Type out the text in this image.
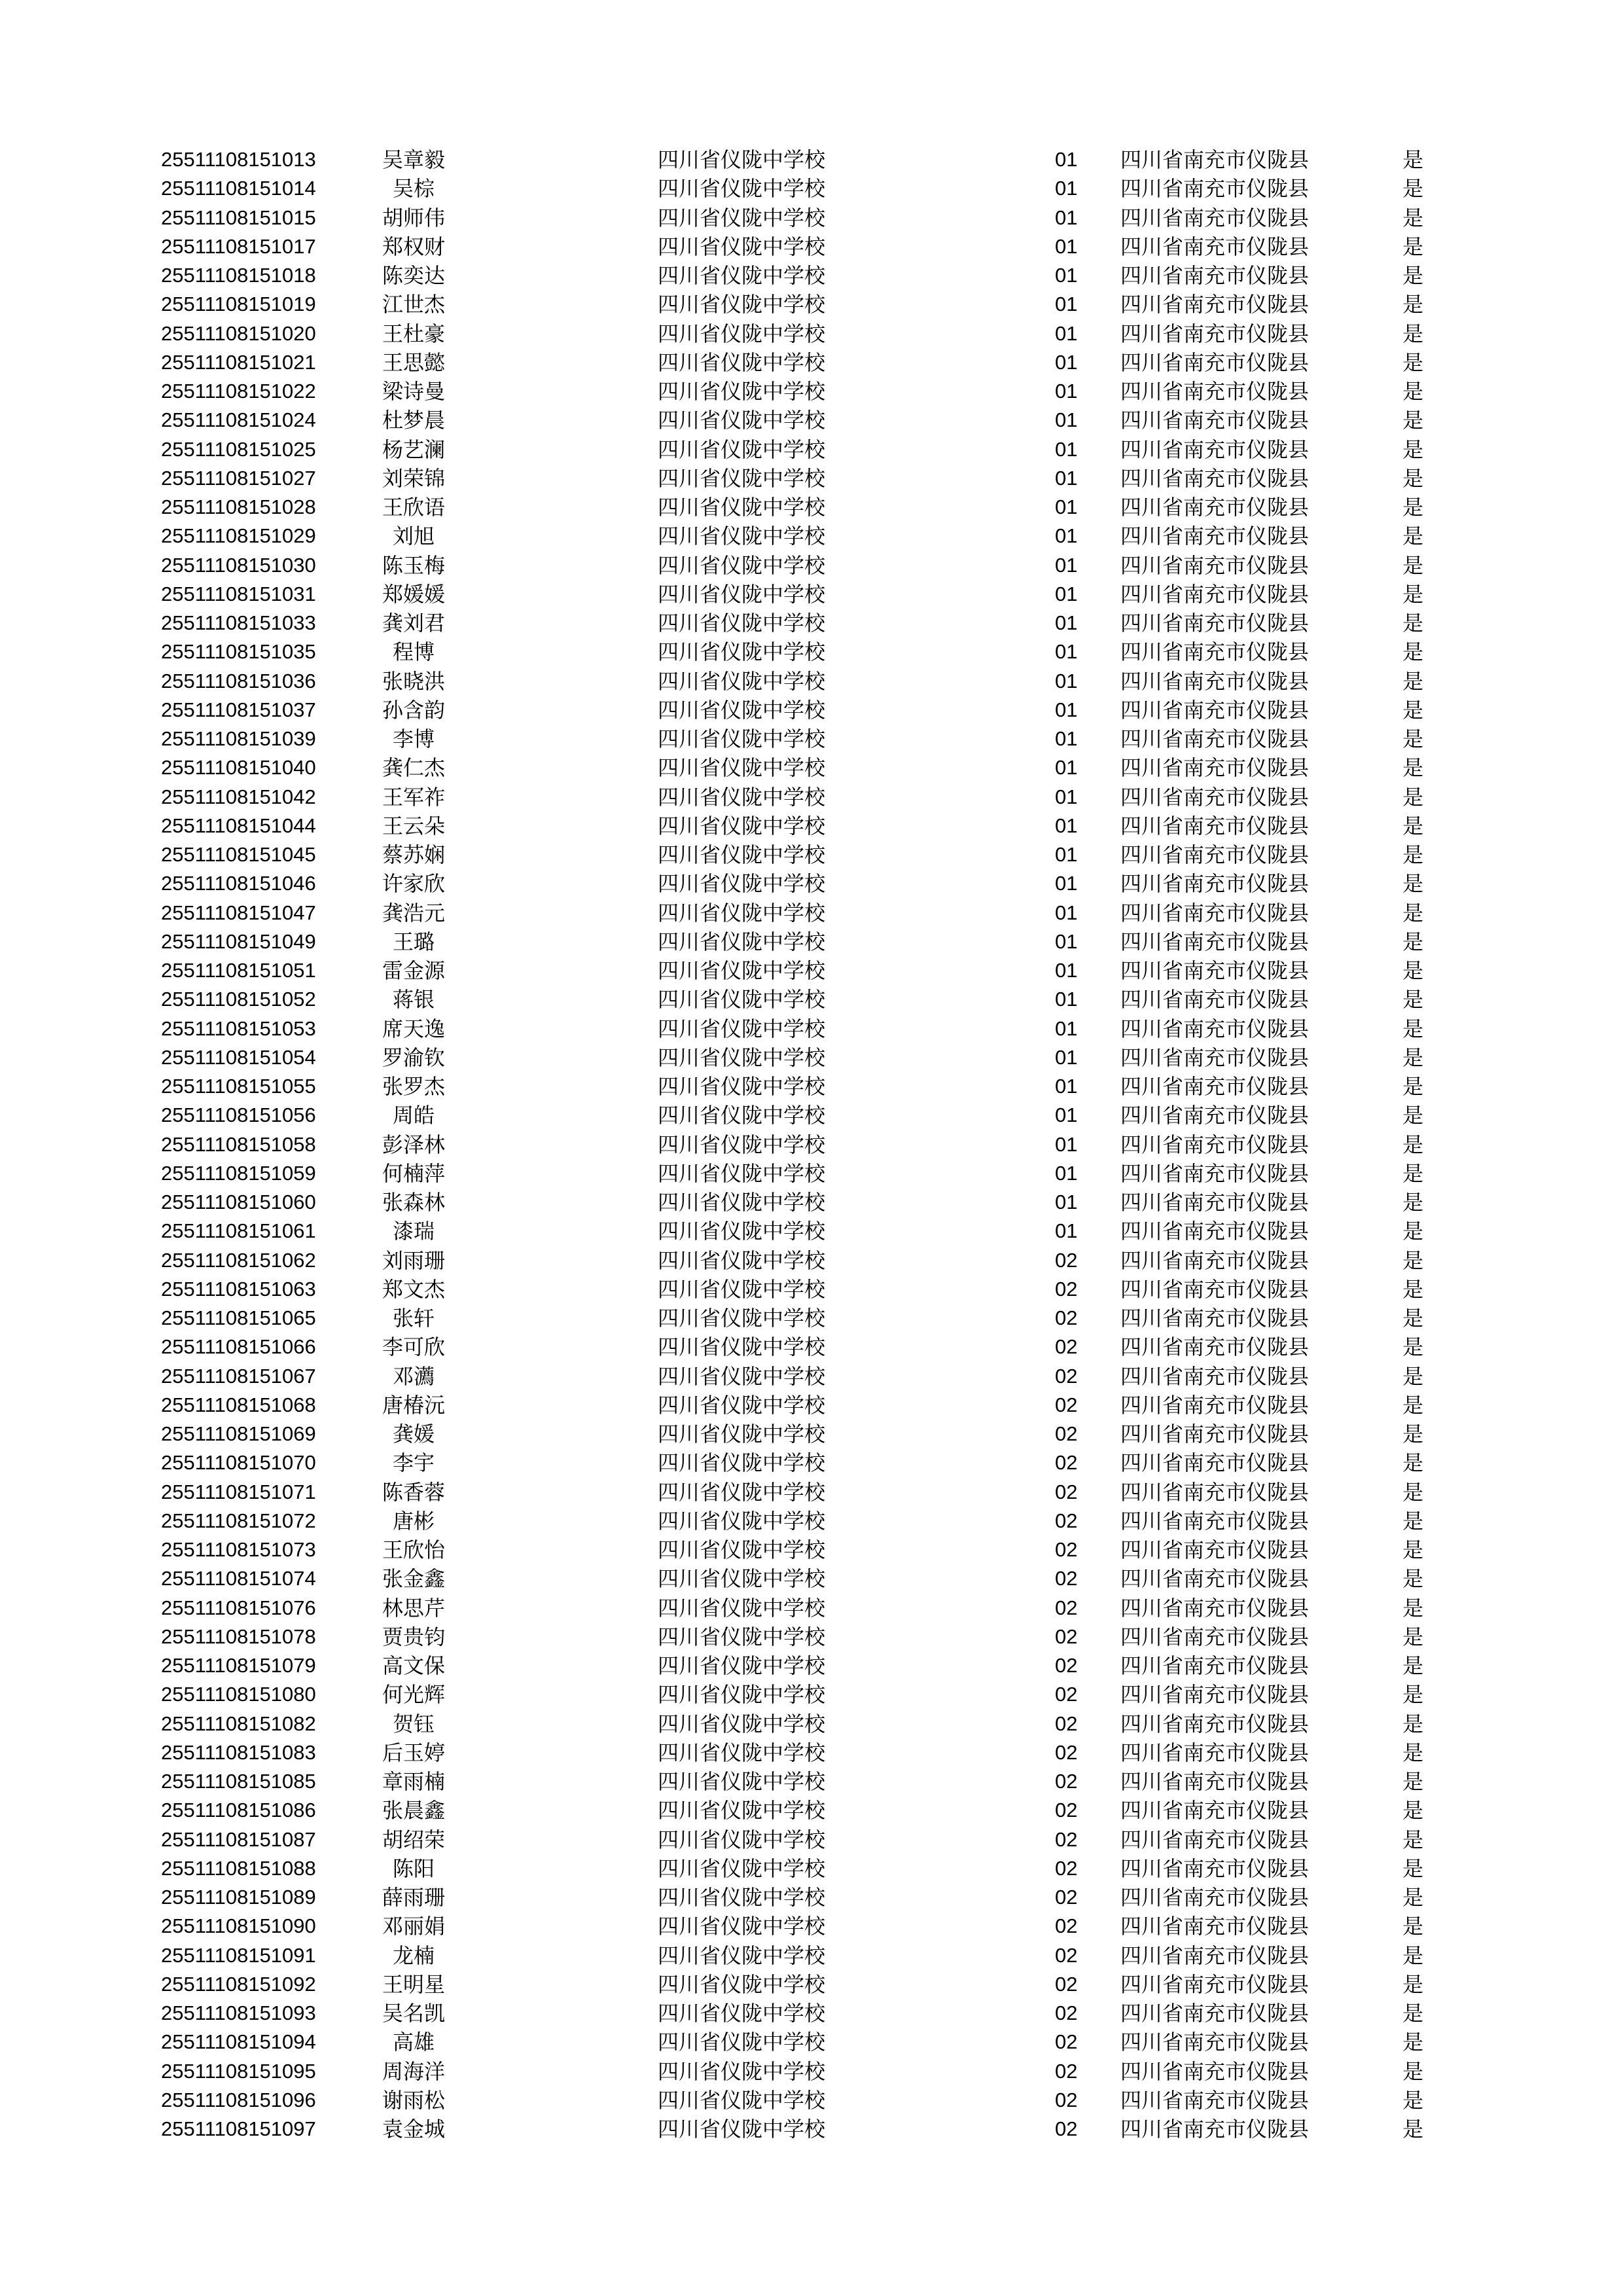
25511108151013	吴章毅	四川省仪陇中学校	01 四川省南充市仪陇县	是
25511108151014	吴棕	四川省仪陇中学校	01 四川省南充市仪陇县	是
25511108151015	胡师伟	四川省仪陇中学校	01 四川省南充市仪陇县	是
25511108151017	郑权财	四川省仪陇中学校	01 四川省南充市仪陇县	是
25511108151018	陈奕达	四川省仪陇中学校	01 四川省南充市仪陇县	是
25511108151019	江世杰	四川省仪陇中学校	01 四川省南充市仪陇县	是
25511108151020	王杜豪	四川省仪陇中学校	01 四川省南充市仪陇县	是
25511108151021	王思懿	四川省仪陇中学校	01 四川省南充市仪陇县	是
25511108151022	梁诗曼	四川省仪陇中学校	01 四川省南充市仪陇县	是
25511108151024	杜梦晨	四川省仪陇中学校	01 四川省南充市仪陇县	是
25511108151025	杨艺澜	四川省仪陇中学校	01 四川省南充市仪陇县	是
25511108151027	刘荣锦	四川省仪陇中学校	01 四川省南充市仪陇县	是
25511108151028	王欣语	四川省仪陇中学校	01 四川省南充市仪陇县	是
25511108151029	刘旭	四川省仪陇中学校	01 四川省南充市仪陇县	是
25511108151030	陈玉梅	四川省仪陇中学校	01 四川省南充市仪陇县	是
25511108151031	郑媛媛	四川省仪陇中学校	01 四川省南充市仪陇县	是
25511108151033	龚刘君	四川省仪陇中学校	01 四川省南充市仪陇县	是
25511108151035	程博	四川省仪陇中学校	01 四川省南充市仪陇县	是
25511108151036	张晓洪	四川省仪陇中学校	01 四川省南充市仪陇县	是
25511108151037	孙含韵	四川省仪陇中学校	01 四川省南充市仪陇县	是
25511108151039	李博	四川省仪陇中学校	01 四川省南充市仪陇县	是
25511108151040	龚仁杰	四川省仪陇中学校	01 四川省南充市仪陇县	是
25511108151042	王军祚	四川省仪陇中学校	01 四川省南充市仪陇县	是
25511108151044	王云朵	四川省仪陇中学校	01 四川省南充市仪陇县	是
25511108151045	蔡苏娴	四川省仪陇中学校	01 四川省南充市仪陇县	是
25511108151046	许家欣	四川省仪陇中学校	01 四川省南充市仪陇县	是
25511108151047	龚浩元	四川省仪陇中学校	01 四川省南充市仪陇县	是
25511108151049	王璐	四川省仪陇中学校	01 四川省南充市仪陇县	是
25511108151051	雷金源	四川省仪陇中学校	01 四川省南充市仪陇县	是
25511108151052	蒋银	四川省仪陇中学校	01 四川省南充市仪陇县	是
25511108151053	席天逸	四川省仪陇中学校	01 四川省南充市仪陇县	是
25511108151054	罗渝钦	四川省仪陇中学校	01 四川省南充市仪陇县	是
25511108151055	张罗杰	四川省仪陇中学校	01 四川省南充市仪陇县	是
25511108151056	周皓	四川省仪陇中学校	01 四川省南充市仪陇县	是
25511108151058	彭泽林	四川省仪陇中学校	01 四川省南充市仪陇县	是
25511108151059	何楠萍	四川省仪陇中学校	01 四川省南充市仪陇县	是
25511108151060	张森林	四川省仪陇中学校	01 四川省南充市仪陇县	是
25511108151061	漆瑞	四川省仪陇中学校	01 四川省南充市仪陇县	是
25511108151062	刘雨珊	四川省仪陇中学校	02 四川省南充市仪陇县	是
25511108151063	郑文杰	四川省仪陇中学校	02 四川省南充市仪陇县	是
25511108151065	张轩	四川省仪陇中学校	02 四川省南充市仪陇县	是
25511108151066	李可欣	四川省仪陇中学校	02 四川省南充市仪陇县	是
25511108151067	邓瀳	四川省仪陇中学校	02 四川省南充市仪陇县	是
25511108151068	唐椿沅	四川省仪陇中学校	02 四川省南充市仪陇县	是
25511108151069	龚媛	四川省仪陇中学校	02 四川省南充市仪陇县	是
25511108151070	李宇	四川省仪陇中学校	02 四川省南充市仪陇县	是
25511108151071	陈香蓉	四川省仪陇中学校	02 四川省南充市仪陇县	是
25511108151072	唐彬	四川省仪陇中学校	02 四川省南充市仪陇县	是
25511108151073	王欣怡	四川省仪陇中学校	02 四川省南充市仪陇县	是
25511108151074	张金鑫	四川省仪陇中学校	02 四川省南充市仪陇县	是
25511108151076	林思芹	四川省仪陇中学校	02 四川省南充市仪陇县	是
25511108151078	贾贵钧	四川省仪陇中学校	02 四川省南充市仪陇县	是
25511108151079	高文保	四川省仪陇中学校	02 四川省南充市仪陇县	是
25511108151080	何光辉	四川省仪陇中学校	02 四川省南充市仪陇县	是
25511108151082	贺钰	四川省仪陇中学校	02 四川省南充市仪陇县	是
25511108151083	后玉婷	四川省仪陇中学校	02 四川省南充市仪陇县	是
25511108151085	章雨楠	四川省仪陇中学校	02 四川省南充市仪陇县	是
25511108151086	张晨鑫	四川省仪陇中学校	02 四川省南充市仪陇县	是
25511108151087	胡绍荣	四川省仪陇中学校	02 四川省南充市仪陇县	是
25511108151088	陈阳	四川省仪陇中学校	02 四川省南充市仪陇县	是
25511108151089	薛雨珊	四川省仪陇中学校	02 四川省南充市仪陇县	是
25511108151090	邓丽娟	四川省仪陇中学校	02 四川省南充市仪陇县	是
25511108151091	龙楠	四川省仪陇中学校	02 四川省南充市仪陇县	是
25511108151092	王明星	四川省仪陇中学校	02 四川省南充市仪陇县	是
25511108151093	吴名凯	四川省仪陇中学校	02 四川省南充市仪陇县	是
25511108151094	高雄	四川省仪陇中学校	02 四川省南充市仪陇县	是
25511108151095	周海洋	四川省仪陇中学校	02 四川省南充市仪陇县	是
25511108151096	谢雨松	四川省仪陇中学校	02 四川省南充市仪陇县	是
25511108151097	袁金城	四川省仪陇中学校	02 四川省南充市仪陇县	是
